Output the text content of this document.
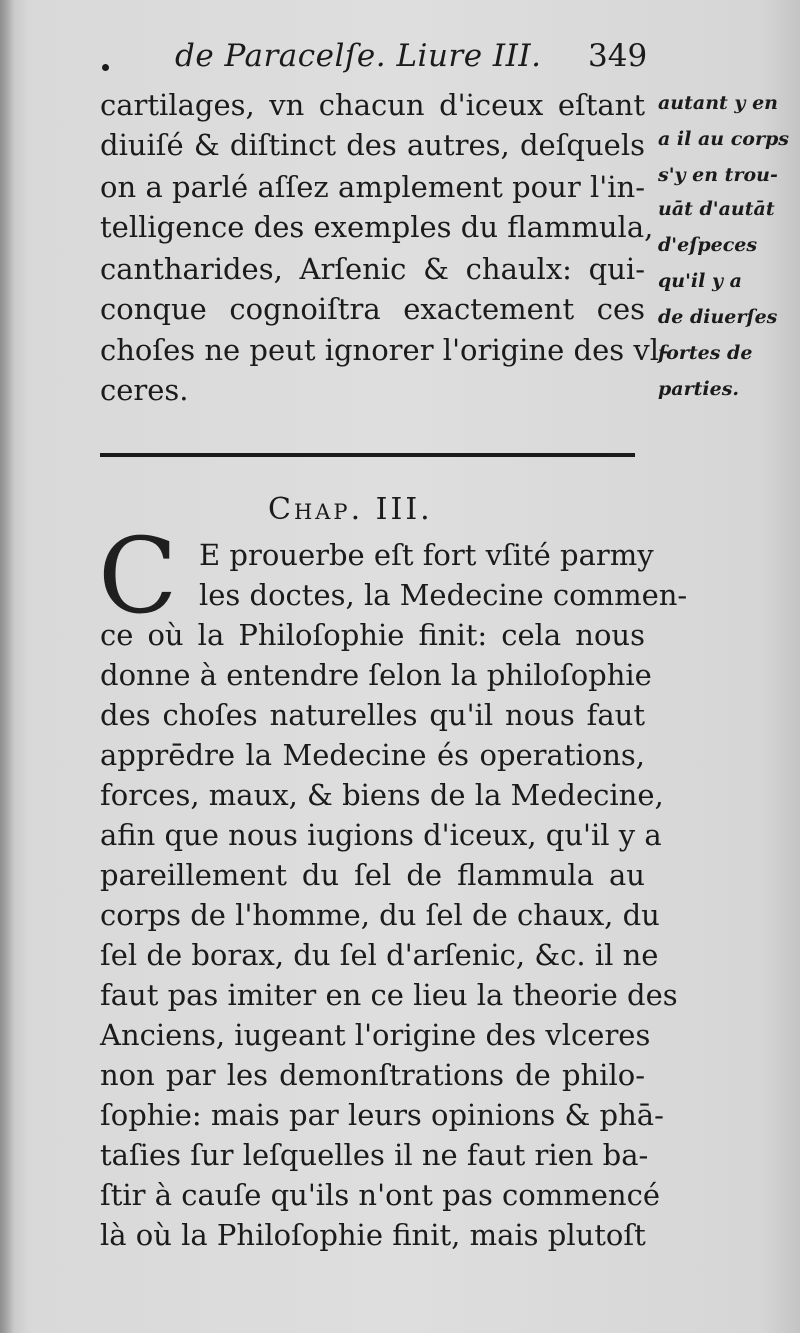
de Paracelſe. Liure III. 349
cartilages, vn chacun d'iceux eſtant
diuiſé & diſtinct des autres, deſquels
on a parlé aſſez amplement pour l'in-
telligence des exemples du flammula,
cantharides, Arſenic & chaulx: qui-
conque cognoiſtra exactement ces
choſes ne peut ignorer l'origine des vl-
ceres.
autant y en
a il au corps
s'y en trou-
uāt d'autāt
d'eſpeces
qu'il y a
de diuerſes
ſortes de
parties.
Chap. III.
C E prouerbe eſt fort vſité parmy
les doctes, la Medecine commen-
ce où la Philoſophie finit: cela nous
donne à entendre ſelon la philoſophie
des choſes naturelles qu'il nous faut
apprēdre la Medecine és operations,
forces, maux, & biens de la Medecine,
afin que nous iugions d'iceux, qu'il y a
pareillement du ſel de flammula au
corps de l'homme, du ſel de chaux, du
ſel de borax, du ſel d'arſenic, &c. il ne
faut pas imiter en ce lieu la theorie des
Anciens, iugeant l'origine des vlceres
non par les demonſtrations de philo-
ſophie: mais par leurs opinions & phā-
taſies ſur leſquelles il ne faut rien ba-
ſtir à cauſe qu'ils n'ont pas commencé
là où la Philoſophie finit, mais plutoſt
